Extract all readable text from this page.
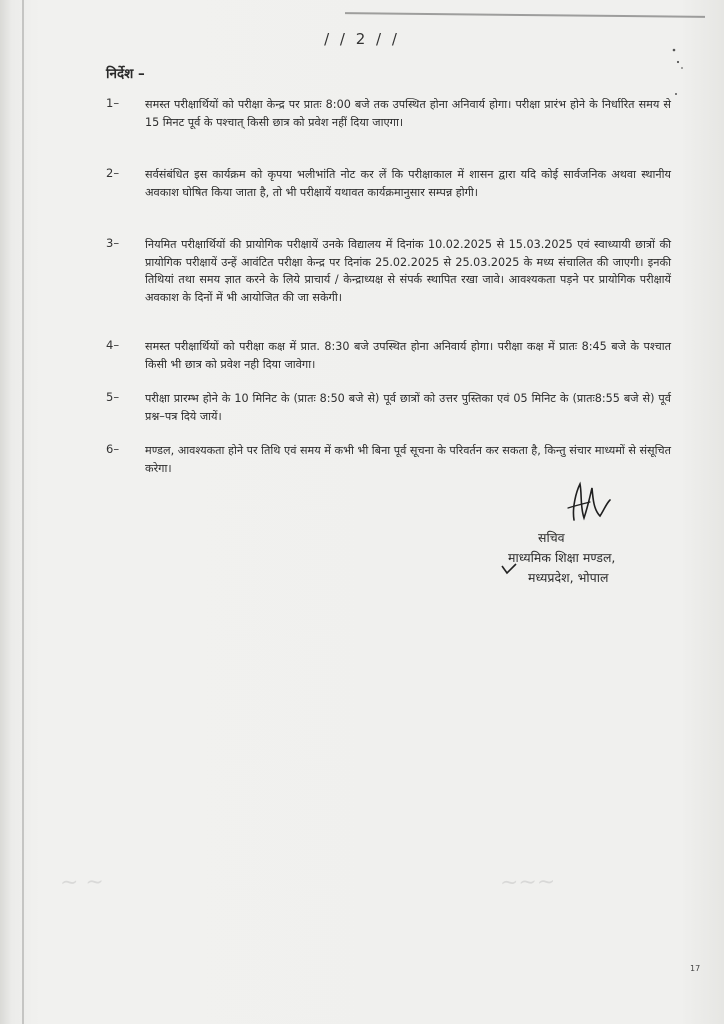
/ / 2 / /
निर्देश –
1– समस्त परीक्षार्थियों को परीक्षा केन्द्र पर प्रातः 8:00 बजे तक उपस्थित होना अनिवार्य होगा। परीक्षा प्रारंभ होने के निर्धारित समय से 15 मिनट पूर्व के पश्चात् किसी छात्र को प्रवेश नहीं दिया जाएगा।
2– सर्वसंबंधित इस कार्यक्रम को कृपया भलीभांति नोट कर लें कि परीक्षाकाल में शासन द्वारा यदि कोई सार्वजनिक अथवा स्थानीय अवकाश घोषित किया जाता है, तो भी परीक्षायें यथावत कार्यक्रमानुसार सम्पन्न होगी।
3– नियमित परीक्षार्थियों की प्रायोगिक परीक्षायें उनके विद्यालय में दिनांक 10.02.2025 से 15.03.2025 एवं स्वाध्यायी छात्रों की प्रायोगिक परीक्षायें उन्हें आवंटित परीक्षा केन्द्र पर दिनांक 25.02.2025 से 25.03.2025 के मध्य संचालित की जाएगी। इनकी तिथियां तथा समय ज्ञात करने के लिये प्राचार्य / केन्द्राध्यक्ष से संपर्क स्थापित रखा जावे। आवश्यकता पड़ने पर प्रायोगिक परीक्षायें अवकाश के दिनों में भी आयोजित की जा सकेगी।
4– समस्त परीक्षार्थियों को परीक्षा कक्ष में प्रात. 8:30 बजे उपस्थित होना अनिवार्य होगा। परीक्षा कक्ष में प्रातः 8:45 बजे के पश्चात किसी भी छात्र को प्रवेश नही दिया जावेगा।
5– परीक्षा प्रारम्भ होने के 10 मिनिट के (प्रातः 8:50 बजे से) पूर्व छात्रों को उत्तर पुस्तिका एवं 05 मिनिट के (प्रातः8:55 बजे से) पूर्व प्रश्न–पत्र दिये जायें।
6– मण्डल, आवश्यकता होने पर तिथि एवं समय में कभी भी बिना पूर्व सूचना के परिवर्तन कर सकता है, किन्तु संचार माध्यमों से संसूचित करेगा।
सचिव
माध्यमिक शिक्षा मण्डल,
मध्यप्रदेश, भोपाल
~~~
~ ~
17
